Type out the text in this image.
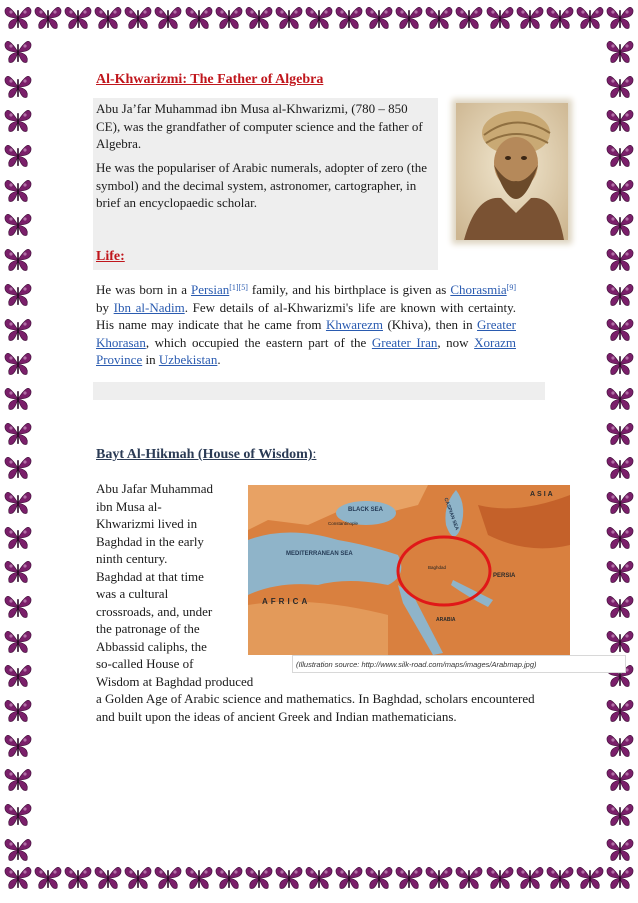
Al-Khwarizmi: The Father of Algebra
Abu Ja’far Muhammad ibn Musa al-Khwarizmi, (780 – 850 CE), was the grandfather of computer science and the father of Algebra.
He was the populariser of Arabic numerals, adopter of zero (the symbol) and the decimal system, astronomer, cartographer, in brief an encyclopaedic scholar.
Life:
He was born in a Persian[1][5] family, and his birthplace is given as Chorasmia[9] by Ibn al-Nadim. Few details of al-Khwarizmi's life are known with certainty. His name may indicate that he came from Khwarezm (Khiva), then in Greater Khorasan, which occupied the eastern part of the Greater Iran, now Xorazm Province in Uzbekistan.
Bayt Al-Hikmah (House of Wisdom):
Abu Jafar Muhammad
ibn Musa al-
Khwarizmi lived in
Baghdad in the early
ninth century.
Baghdad at that time
was a cultural
crossroads, and, under
the patronage of the
Abbassid caliphs, the
so-called House of
Wisdom at Baghdad produced
a Golden Age of Arabic science and mathematics. In Baghdad, scholars encountered and built upon the ideas of ancient Greek and Indian mathematicians.
BLACK SEA
ASIA
CASPIAN SEA
MEDITERRANEAN SEA
AFRICA
ARABIA
PERSIA
Constantinople
Baghdad
(Illustration source: http://www.silk-road.com/maps/images/Arabmap.jpg)
